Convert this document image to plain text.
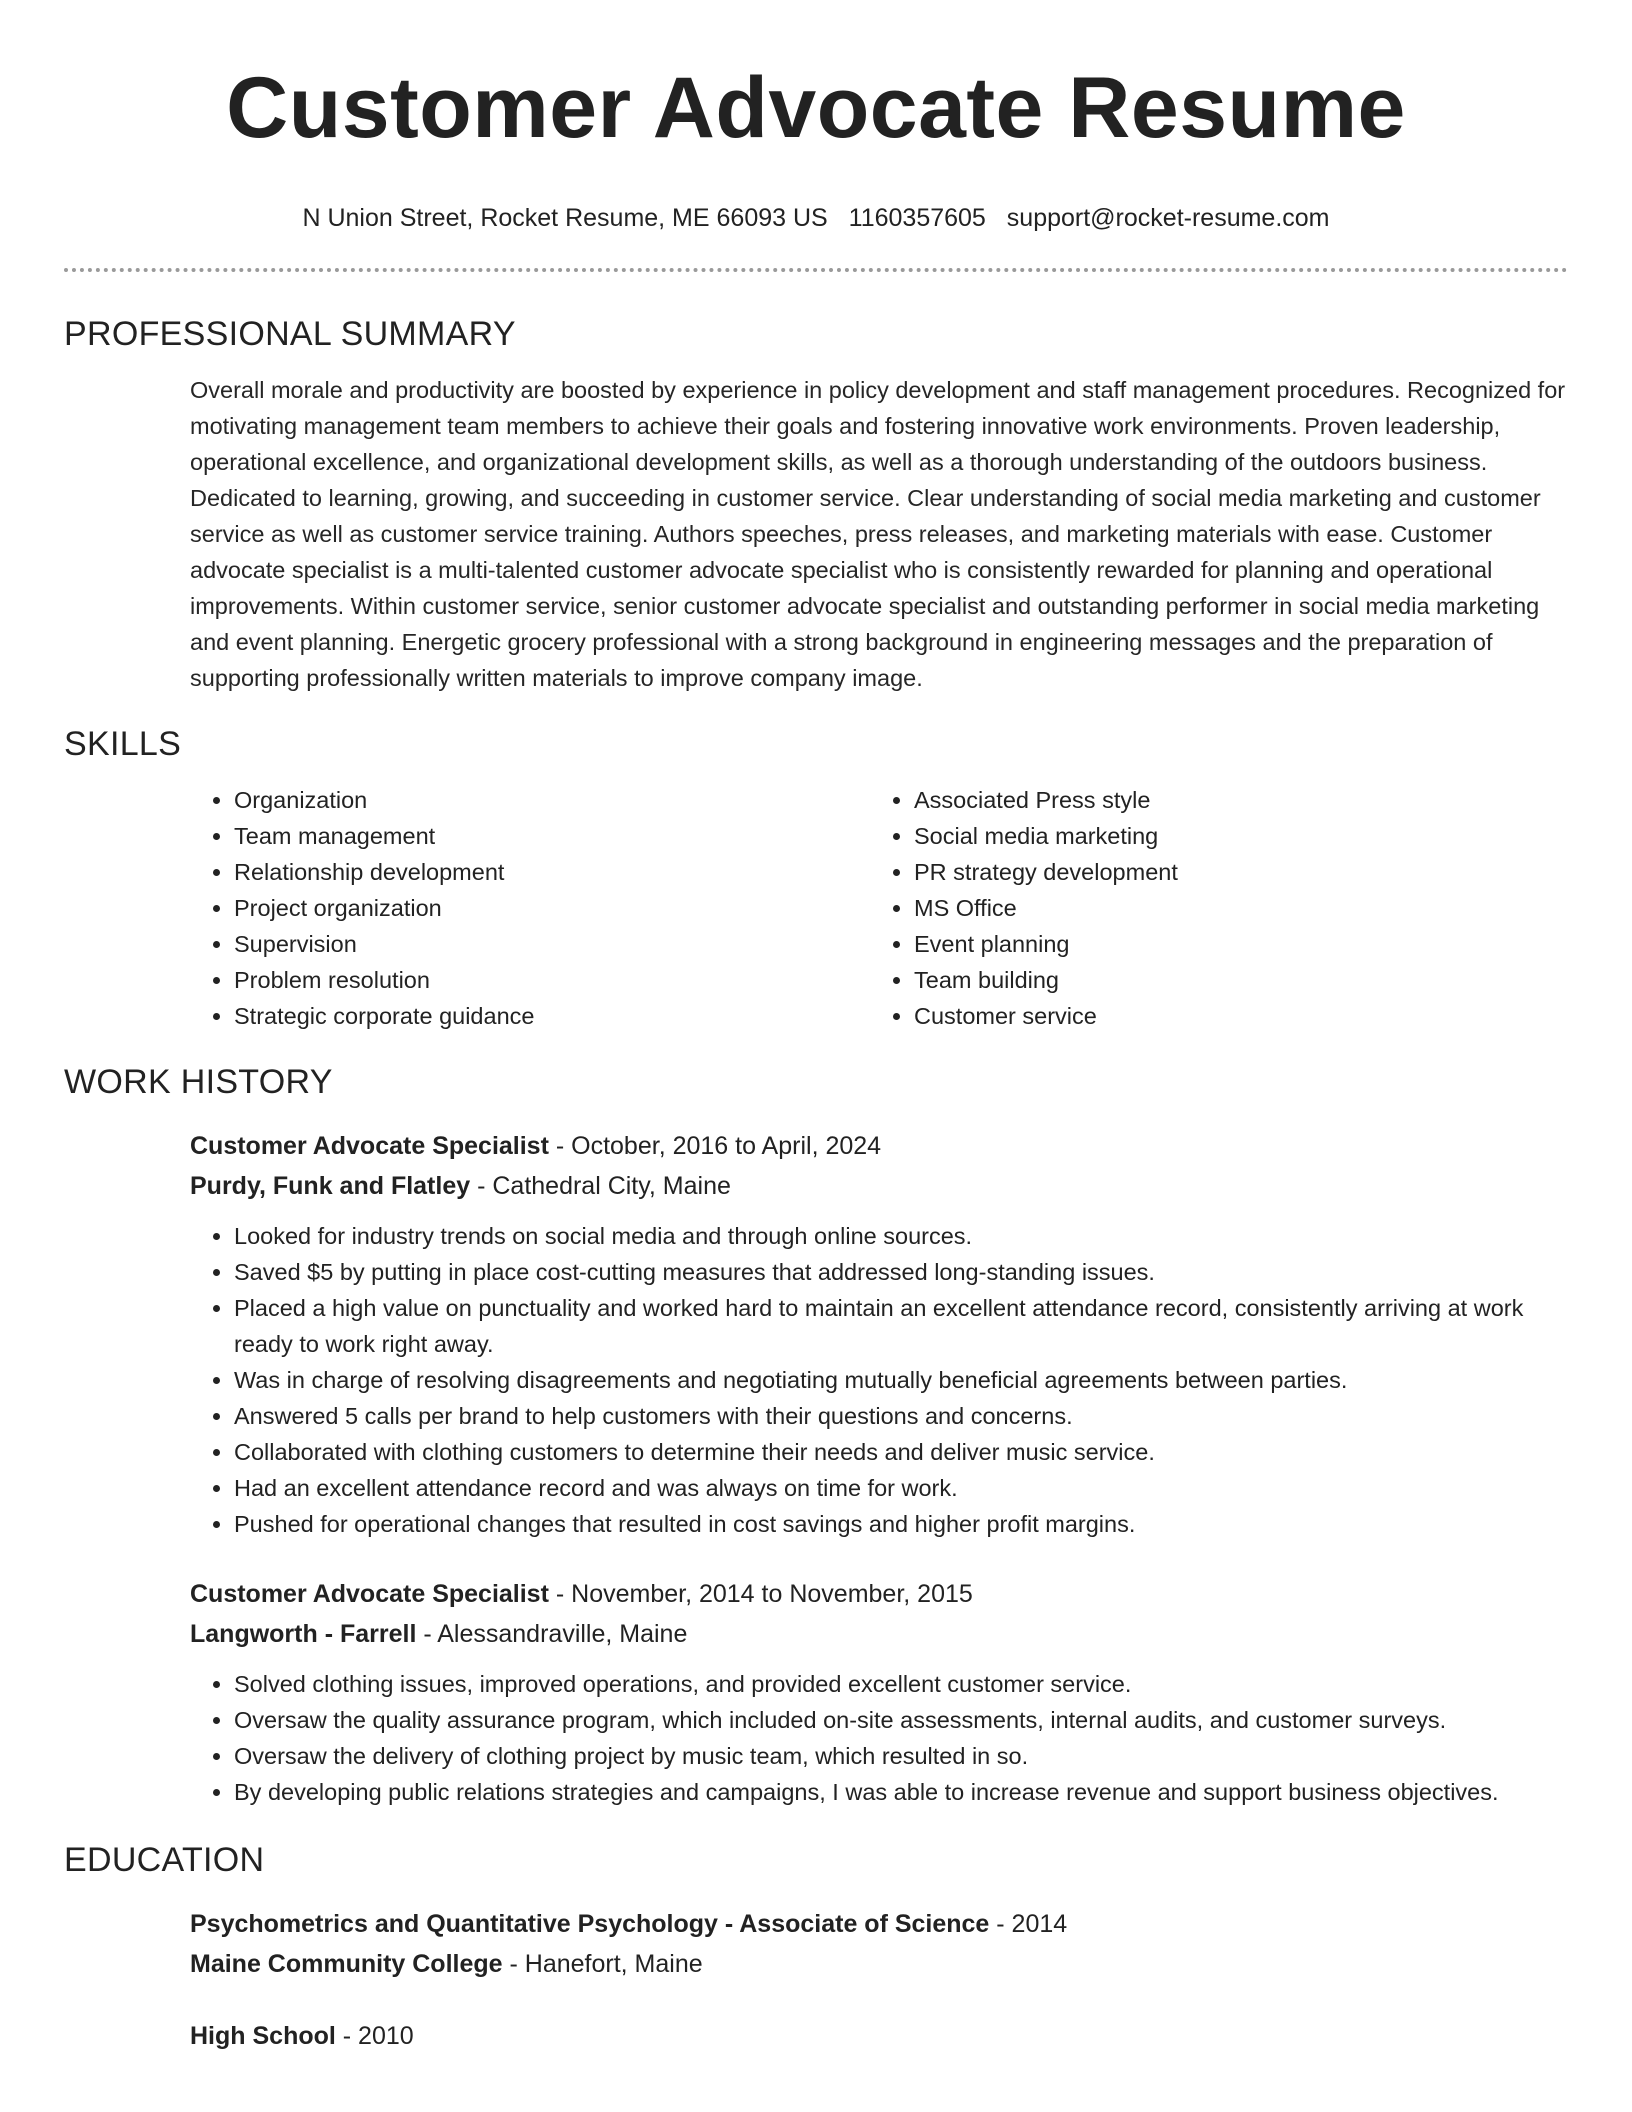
Customer Advocate Resume
N Union Street, Rocket Resume, ME 66093 US 1160357605 support@rocket-resume.com
PROFESSIONAL SUMMARY

Overall morale and productivity are boosted by experience in policy development and staff management procedures. Recognized for motivating management team members to achieve their goals and fostering innovative work environments. Proven leadership, operational excellence, and organizational development skills, as well as a thorough understanding of the outdoors business. Dedicated to learning, growing, and succeeding in customer service. Clear understanding of social media marketing and customer service as well as customer service training. Authors speeches, press releases, and marketing materials with ease. Customer advocate specialist is a multi-talented customer advocate specialist who is consistently rewarded for planning and operational improvements. Within customer service, senior customer advocate specialist and outstanding performer in social media marketing and event planning. Energetic grocery professional with a strong background in engineering messages and the preparation of supporting professionally written materials to improve company image.

SKILLS
• Organization
• Team management
• Relationship development
• Project organization
• Supervision
• Problem resolution
• Strategic corporate guidance
• Associated Press style
• Social media marketing
• PR strategy development
• MS Office
• Event planning
• Team building
• Customer service
WORK HISTORY
Customer Advocate Specialist - October, 2016 to April, 2024
Purdy, Funk and Flatley - Cathedral City, Maine
• Looked for industry trends on social media and through online sources.
• Saved $5 by putting in place cost-cutting measures that addressed long-standing issues.
• Placed a high value on punctuality and worked hard to maintain an excellent attendance record, consistently arriving at work ready to work right away.
• Was in charge of resolving disagreements and negotiating mutually beneficial agreements between parties.
• Answered 5 calls per brand to help customers with their questions and concerns.
• Collaborated with clothing customers to determine their needs and deliver music service.
• Had an excellent attendance record and was always on time for work.
• Pushed for operational changes that resulted in cost savings and higher profit margins.
Customer Advocate Specialist - November, 2014 to November, 2015
Langworth - Farrell - Alessandraville, Maine
• Solved clothing issues, improved operations, and provided excellent customer service.
• Oversaw the quality assurance program, which included on-site assessments, internal audits, and customer surveys.
• Oversaw the delivery of clothing project by music team, which resulted in so.
• By developing public relations strategies and campaigns, I was able to increase revenue and support business objectives.
EDUCATION
Psychometrics and Quantitative Psychology - Associate of Science - 2014
Maine Community College - Hanefort, Maine
High School - 2010
